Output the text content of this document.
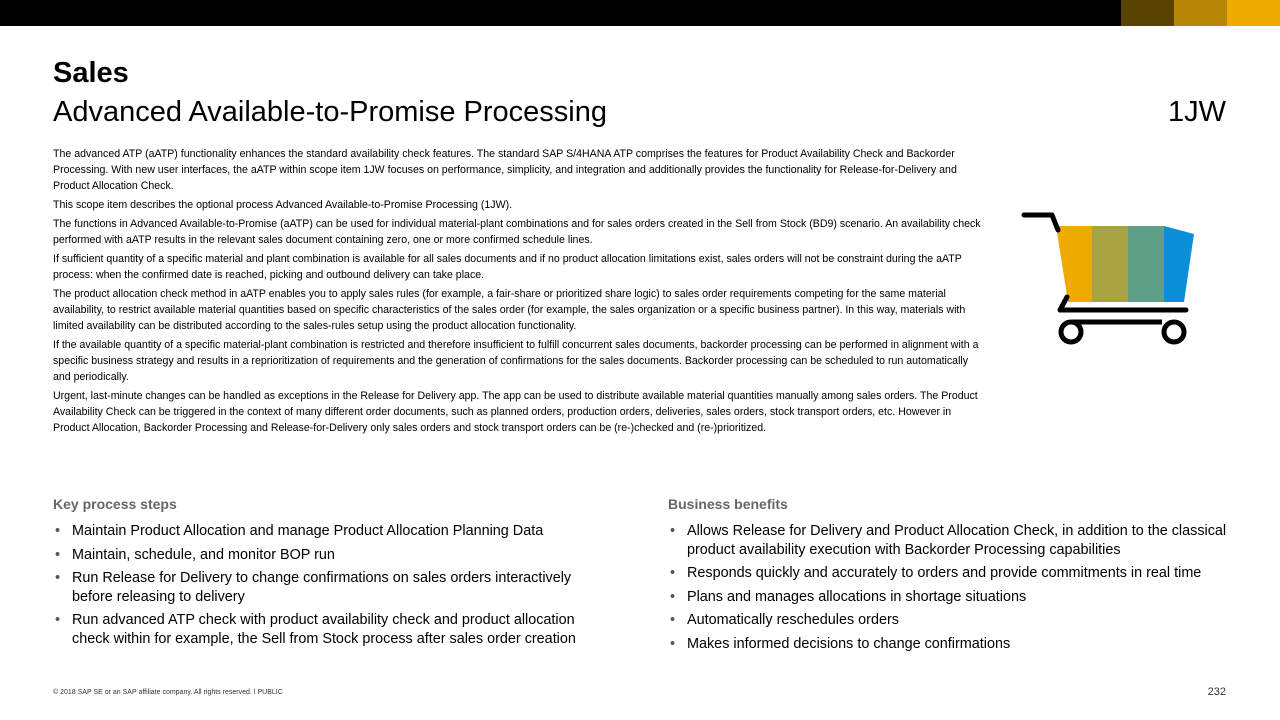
Sales
Advanced Available-to-Promise Processing	1JW

The advanced ATP (aATP) functionality enhances the standard availability check features. The standard SAP S/4HANA ATP comprises the features for Product Availability Check and Backorder Processing. With new user interfaces, the aATP within scope item 1JW focuses on performance, simplicity, and integration and additionally provides the functionality for Release-for-Delivery and Product Allocation Check.

This scope item describes the optional process Advanced Available-to-Promise Processing (1JW).

The functions in Advanced Available-to-Promise (aATP) can be used for individual material-plant combinations and for sales orders created in the Sell from Stock (BD9) scenario. An availability check performed with aATP results in the relevant sales document containing zero, one or more confirmed schedule lines.

If sufficient quantity of a specific material and plant combination is available for all sales documents and if no product allocation limitations exist, sales orders will not be constraint during the aATP process: when the confirmed date is reached, picking and outbound delivery can take place.

The product allocation check method in aATP enables you to apply sales rules (for example, a fair-share or prioritized share logic) to sales order requirements competing for the same material availability, to restrict available material quantities based on specific characteristics of the sales order (for example, the sales organization or a specific business partner). In this way, materials with limited availability can be distributed according to the sales-rules setup using the product allocation functionality.

If the available quantity of a specific material-plant combination is restricted and therefore insufficient to fulfill concurrent sales documents, backorder processing can be performed in alignment with a specific business strategy and results in a reprioritization of requirements and the generation of confirmations for the sales documents. Backorder processing can be scheduled to run automatically and periodically.

Urgent, last-minute changes can be handled as exceptions in the Release for Delivery app. The app can be used to distribute available material quantities manually among sales orders. The Product Availability Check can be triggered in the context of many different order documents, such as planned orders, production orders, deliveries, sales orders, stock transport orders, etc. However in Product Allocation, Backorder Processing and Release-for-Delivery only sales orders and stock transport orders can be (re-)checked and (re-)prioritized.

Key process steps
• Maintain Product Allocation and manage Product Allocation Planning Data
• Maintain, schedule, and monitor BOP run
• Run Release for Delivery to change confirmations on sales orders interactively before releasing to delivery
• Run advanced ATP check with product availability check and product allocation check within for example, the Sell from Stock process after sales order creation
Business benefits
• Allows Release for Delivery and Product Allocation Check, in addition to the classical product availability execution with Backorder Processing capabilities
• Responds quickly and accurately to orders and provide commitments in real time
• Plans and manages allocations in shortage situations
• Automatically reschedules orders
• Makes informed decisions to change confirmations
© 2018 SAP SE or an SAP affiliate company. All rights reserved. ǀ PUBLIC	232
